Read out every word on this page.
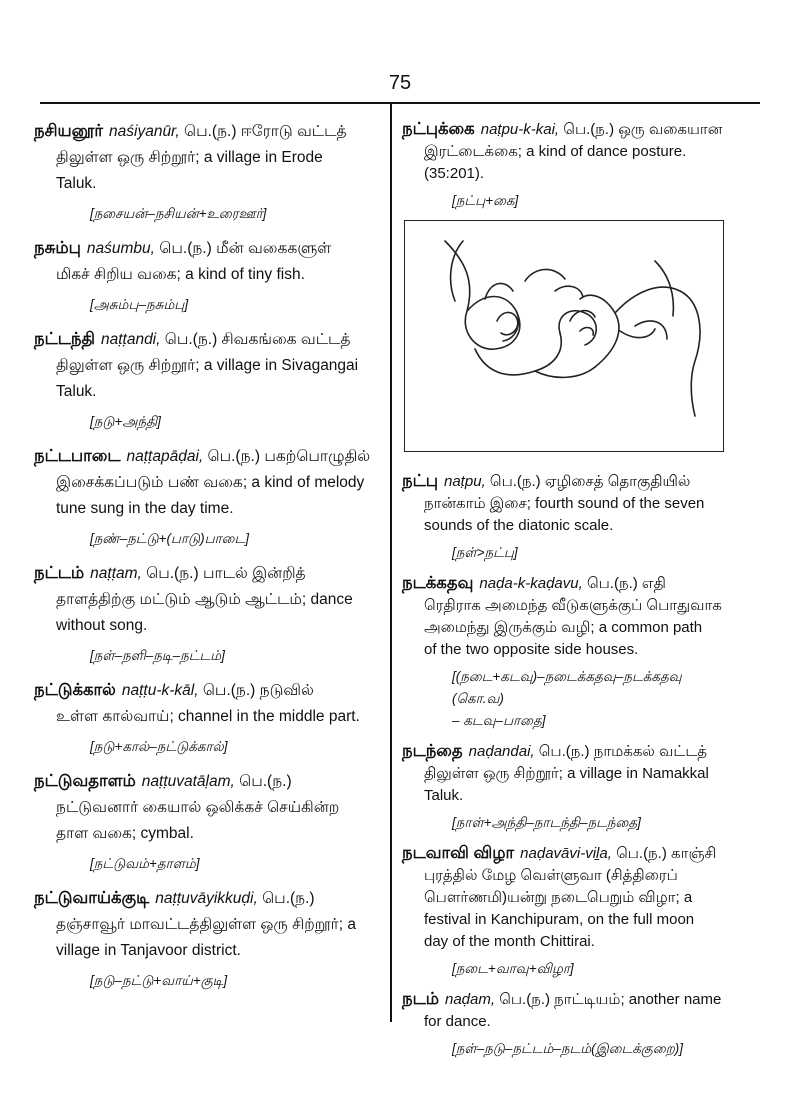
75
நசியனூர் naśiyanūr, பெ.(ந.) ஈரோடு வட்டத்
திலுள்ள ஒரு சிற்றூர்; a village in Erode
Taluk.
[நசையன்–நசியன்+உரைஊர்]
நசும்பு naśumbu, பெ.(ந.) மீன் வகைகளுள்
மிகச் சிறிய வகை; a kind of tiny fish.
[அசும்பு–நசும்பு]
நட்டந்தி naṭṭandi, பெ.(ந.) சிவகங்கை வட்டத்
திலுள்ள ஒரு சிற்றூர்; a village in Sivagangai
Taluk.
[நடு+அந்தி]
நட்டபாடை naṭṭapāḍai, பெ.(ந.) பகற்பொழுதில்
இசைக்கப்படும் பண் வகை; a kind of melody
tune sung in the day time.
[நண்–நட்டு+(பாடு)பாடை]
நட்டம் naṭṭam, பெ.(ந.) பாடல் இன்றித்
தாளத்திற்கு மட்டும் ஆடும் ஆட்டம்; dance
without song.
[நள்–நளி–நடி–நட்டம்]
நட்டுக்கால் naṭṭu-k-kāl, பெ.(ந.) நடுவில்
உள்ள கால்வாய்; channel in the middle part.
[நடு+கால்–நட்டுக்கால்]
நட்டுவதாளம் naṭṭuvatāḷam, பெ.(ந.)
நட்டுவனார் கையால் ஒலிக்கச் செய்கின்ற
தாள வகை; cymbal.
[நட்டுவம்+தாளம்]
நட்டுவாய்க்குடி naṭṭuvāyikkuḍi, பெ.(ந.)
தஞ்சாவூர் மாவட்டத்திலுள்ள ஒரு சிற்றூர்; a
village in Tanjavoor district.
[நடு–நட்டு+வாய்+குடி]
நட்புக்கை naṭpu-k-kai, பெ.(ந.) ஒரு வகையான
இரட்டைக்கை; a kind of dance posture.
(35:201).
[நட்பு+கை]
நட்பு naṭpu, பெ.(ந.) ஏழிசைத் தொகுதியில்
நான்காம் இசை; fourth sound of the seven
sounds of the diatonic scale.
[நள்>நட்பு]
நடக்கதவு naḍa-k-kaḍavu, பெ.(ந.) எதி
ரெதிராக அமைந்த வீடுகளுக்குப் பொதுவாக
அமைந்து இருக்கும் வழி; a common path
of the two opposite side houses.
[(நடை+கடவு)–நடைக்கதவு–நடக்கதவு (கொ.வ)
– கடவு–பாதை]
நடந்தை naḍandai, பெ.(ந.) நாமக்கல் வட்டத்
திலுள்ள ஒரு சிற்றூர்; a village in Namakkal
Taluk.
[நாள்+அந்தி–நாடந்தி–நடந்தை]
நடவாவி விழா naḍavāvi-viḻa, பெ.(ந.) காஞ்சி
புரத்தில் மேழ வெள்ளுவா (சித்திரைப்
பௌர்ணமி)யன்று நடைபெறும் விழா; a
festival in Kanchipuram, on the full moon
day of the month Chittirai.
[நடை+வாவு+விழா]
நடம் naḍam, பெ.(ந.) நாட்டியம்; another name
for dance.
[நள்–நடு–நட்டம்–நடம்(இடைக்குறை)]
